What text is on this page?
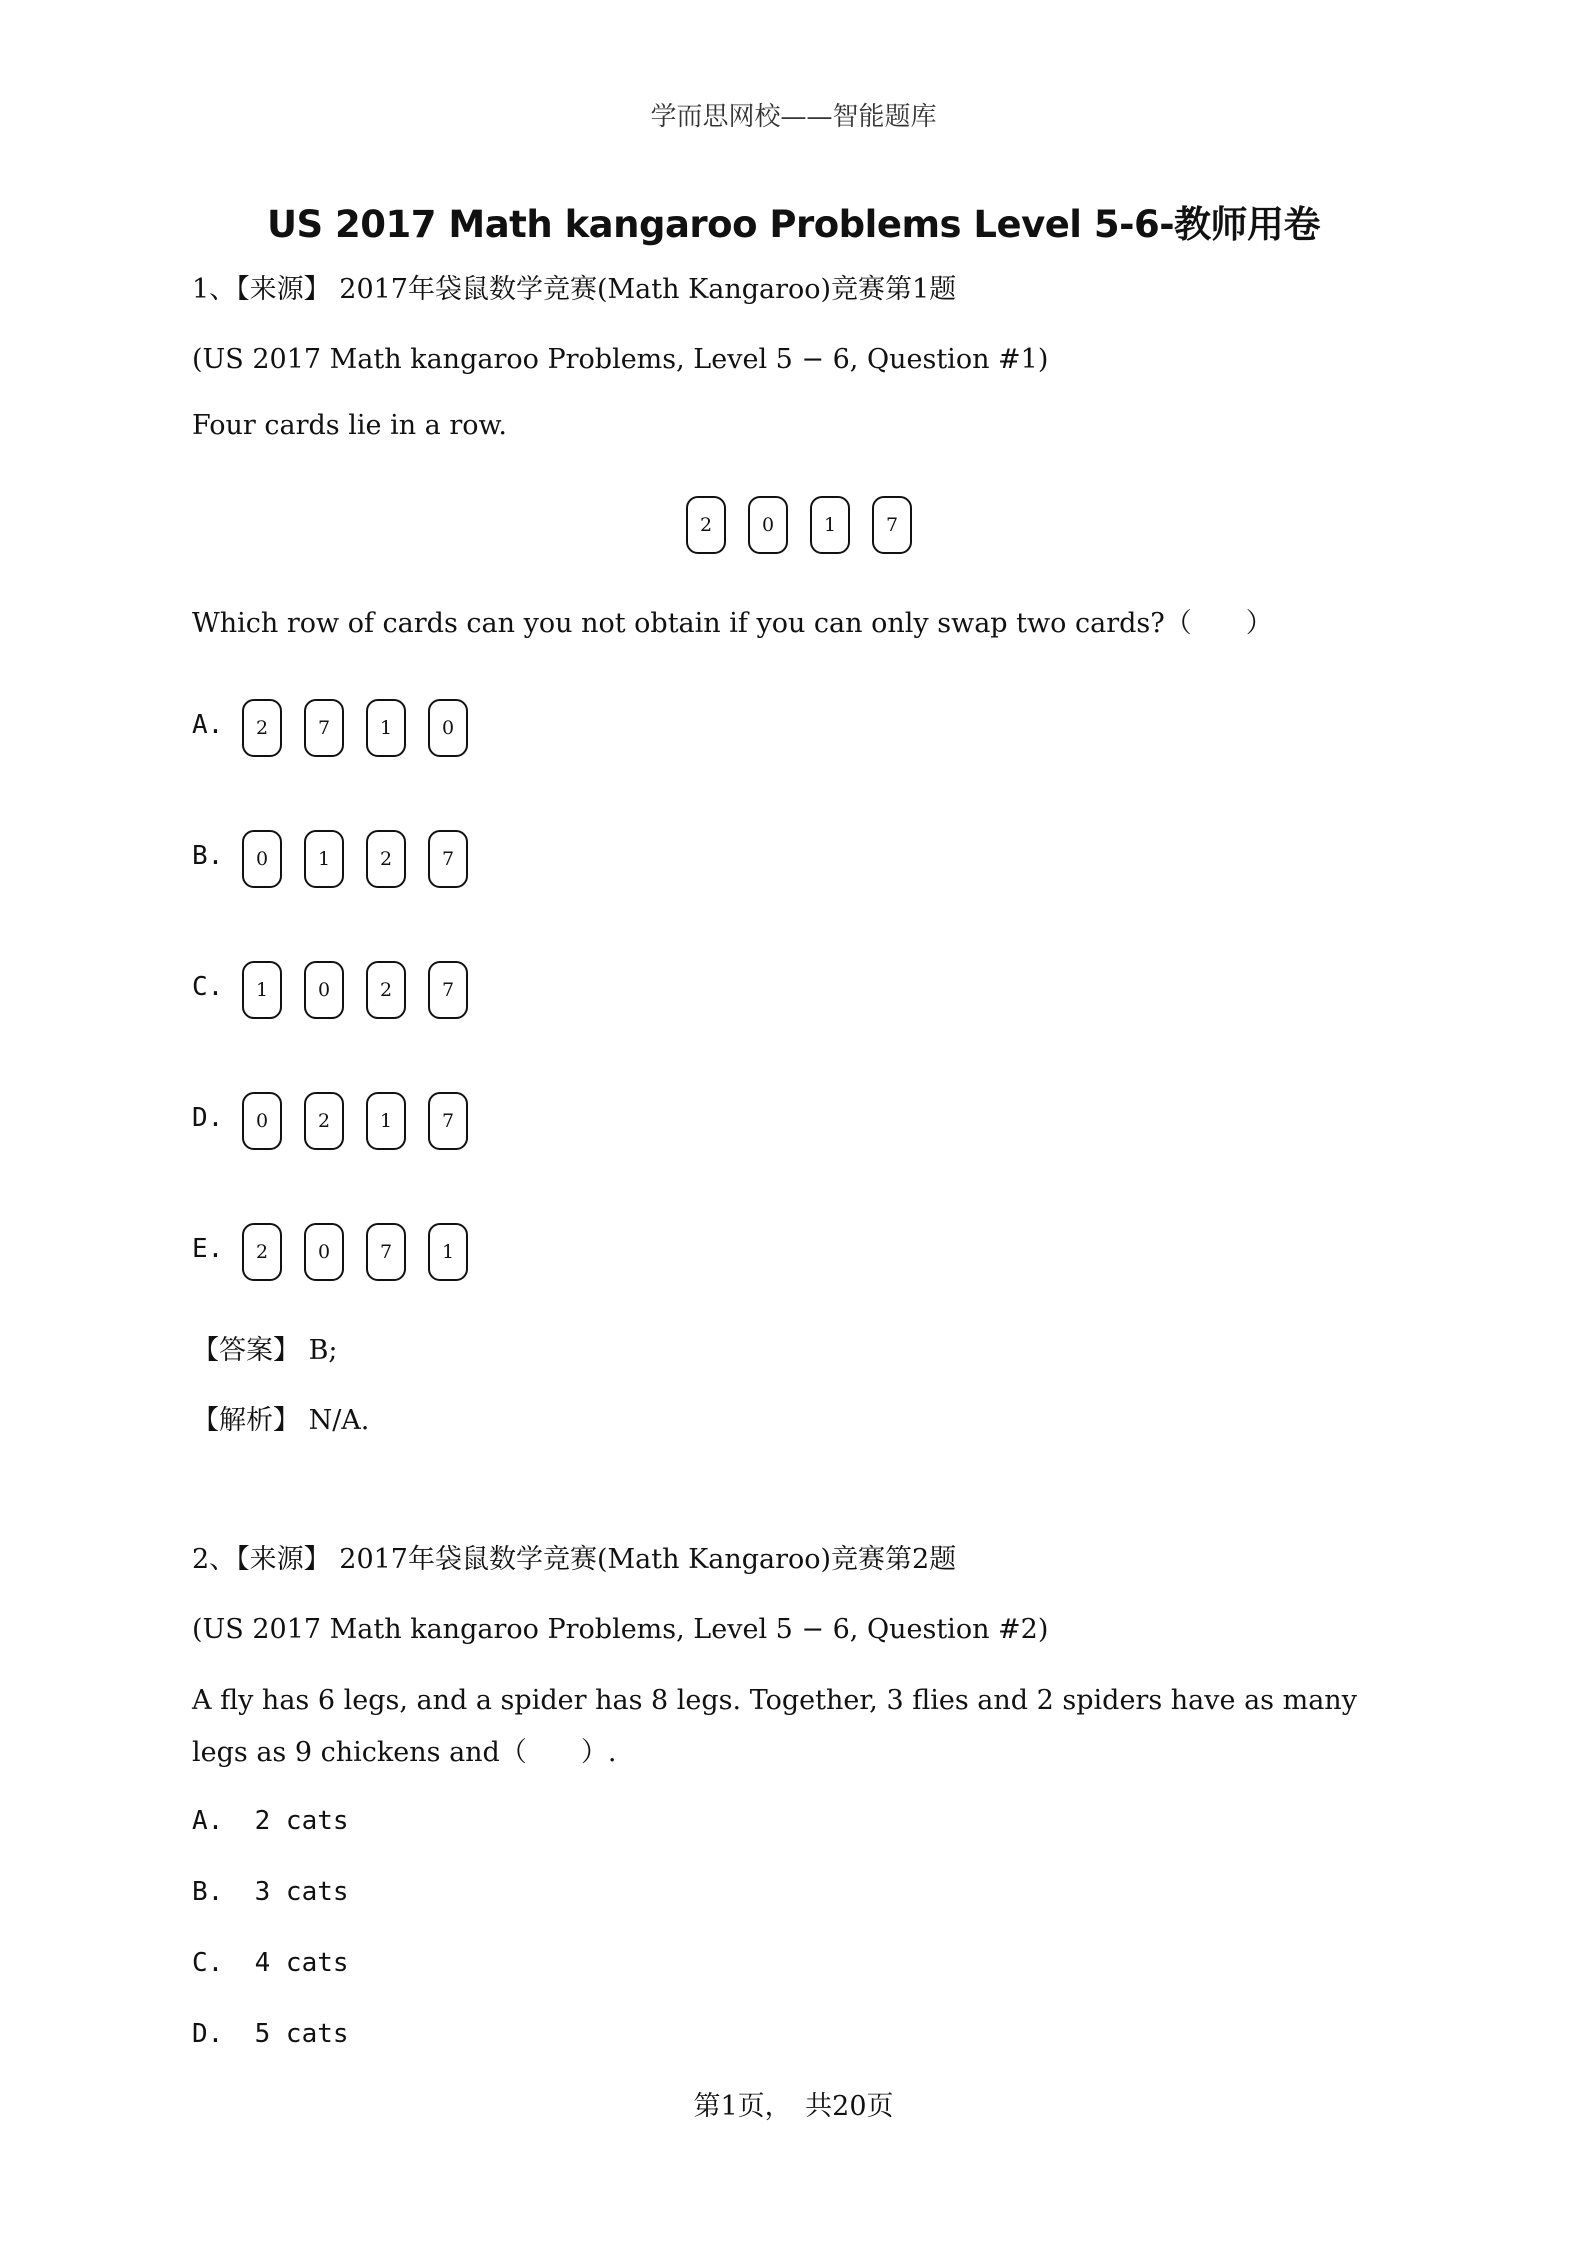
学而思网校——智能题库
US 2017 Math kangaroo Problems Level 5-6-教师用卷
1、【来源】 2017年袋鼠数学竞赛(Math Kangaroo)竞赛第1题
(US 2017 Math kangaroo Problems, Level 5 − 6, Question #1)
Four cards lie in a row.
2	0	1	7
Which row of cards can you not obtain if you can only swap two cards?（　　）
A.	2	7	1	0
B.	0	1	2	7
C.	1	0	2	7
D.	0	2	1	7
E.	2	0	7	1
【答案】 B;
【解析】 N/A.
2、【来源】 2017年袋鼠数学竞赛(Math Kangaroo)竞赛第2题
(US 2017 Math kangaroo Problems, Level 5 − 6, Question #2)
A fly has 6 legs, and a spider has 8 legs. Together, 3 flies and 2 spiders have as many legs as 9 chickens and（　　）.
A.  2 cats
B.  3 cats
C.  4 cats
D.  5 cats
第1页，　共20页
